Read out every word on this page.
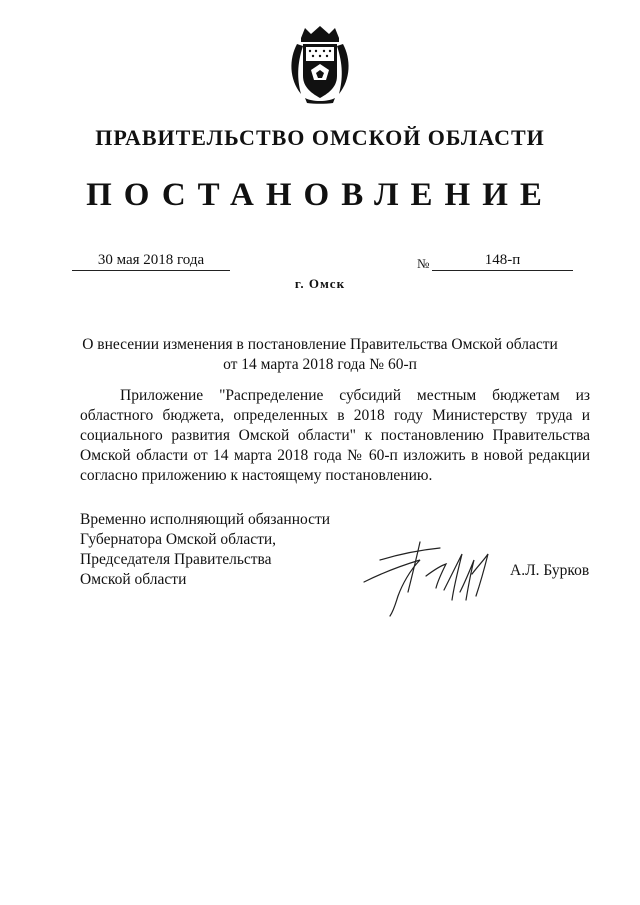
ПРАВИТЕЛЬСТВО ОМСКОЙ ОБЛАСТИ
ПОСТАНОВЛЕНИЕ
30 мая 2018 года	№	148-п
г. Омск
О внесении изменения в постановление Правительства Омской области
от 14 марта 2018 года № 60-п
Приложение "Распределение субсидий местным бюджетам из областного бюджета, определенных в 2018 году Министерству труда и социального развития Омской области" к постановлению Правительства Омской области от 14 марта 2018 года № 60-п изложить в новой редакции согласно приложению к настоящему постановлению.
Временно исполняющий обязанности
Губернатора Омской области,
Председателя Правительства
Омской области
А.Л. Бурков
